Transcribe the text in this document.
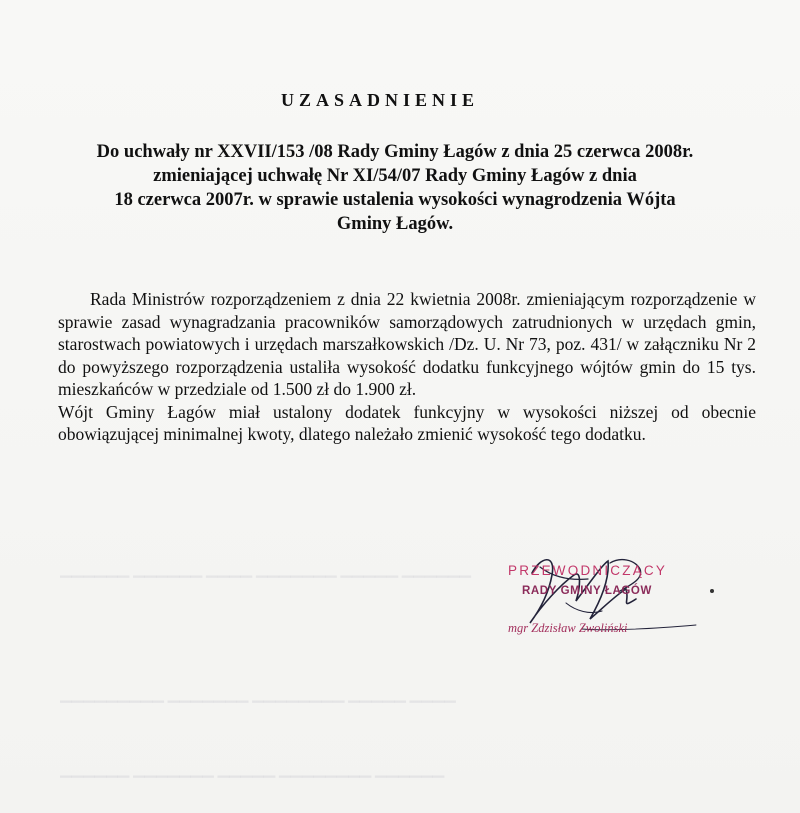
UZASADNIENIE
Do uchwały nr XXVII/153 /08 Rady Gminy Łagów z dnia 25 czerwca 2008r.
zmieniającej uchwałę Nr XI/54/07 Rady Gminy Łagów z dnia
18 czerwca 2007r. w sprawie ustalenia wysokości wynagrodzenia Wójta
Gminy Łagów.

Rada Ministrów rozporządzeniem z dnia 22 kwietnia 2008r. zmieniającym rozporządzenie w sprawie zasad wynagradzania pracowników samorządowych zatrudnionych w urzędach gmin, starostwach powiatowych i urzędach marszałkowskich /Dz. U. Nr 73, poz. 431/ w załączniku Nr 2 do powyższego rozporządzenia ustaliła wysokość dodatku funkcyjnego wójtów gmin do 15 tys. mieszkańców w przedziale od 1.500 zł do 1.900 zł.

Wójt Gminy Łagów miał ustalony dodatek funkcyjny w wysokości niższej od obecnie obowiązującej minimalnej kwoty, dlatego należało zmienić wysokość tego dodatku.

▁▁▁▁▁▁ ▁▁▁▁▁▁ ▁▁▁▁ ▁▁▁▁▁▁▁ ▁▁▁▁▁ ▁▁▁▁▁▁
▁▁▁▁▁▁▁▁▁ ▁▁▁▁▁▁▁ ▁▁▁▁▁▁▁▁ ▁▁▁▁▁ ▁▁▁▁
▁▁▁▁▁▁ ▁▁▁▁▁▁▁ ▁▁▁▁▁ ▁▁▁▁▁▁▁▁ ▁▁▁▁▁▁
PRZEWODNICZĄCY
RADY GMINY ŁAGÓW
mgr Zdzisław Zwoliński
